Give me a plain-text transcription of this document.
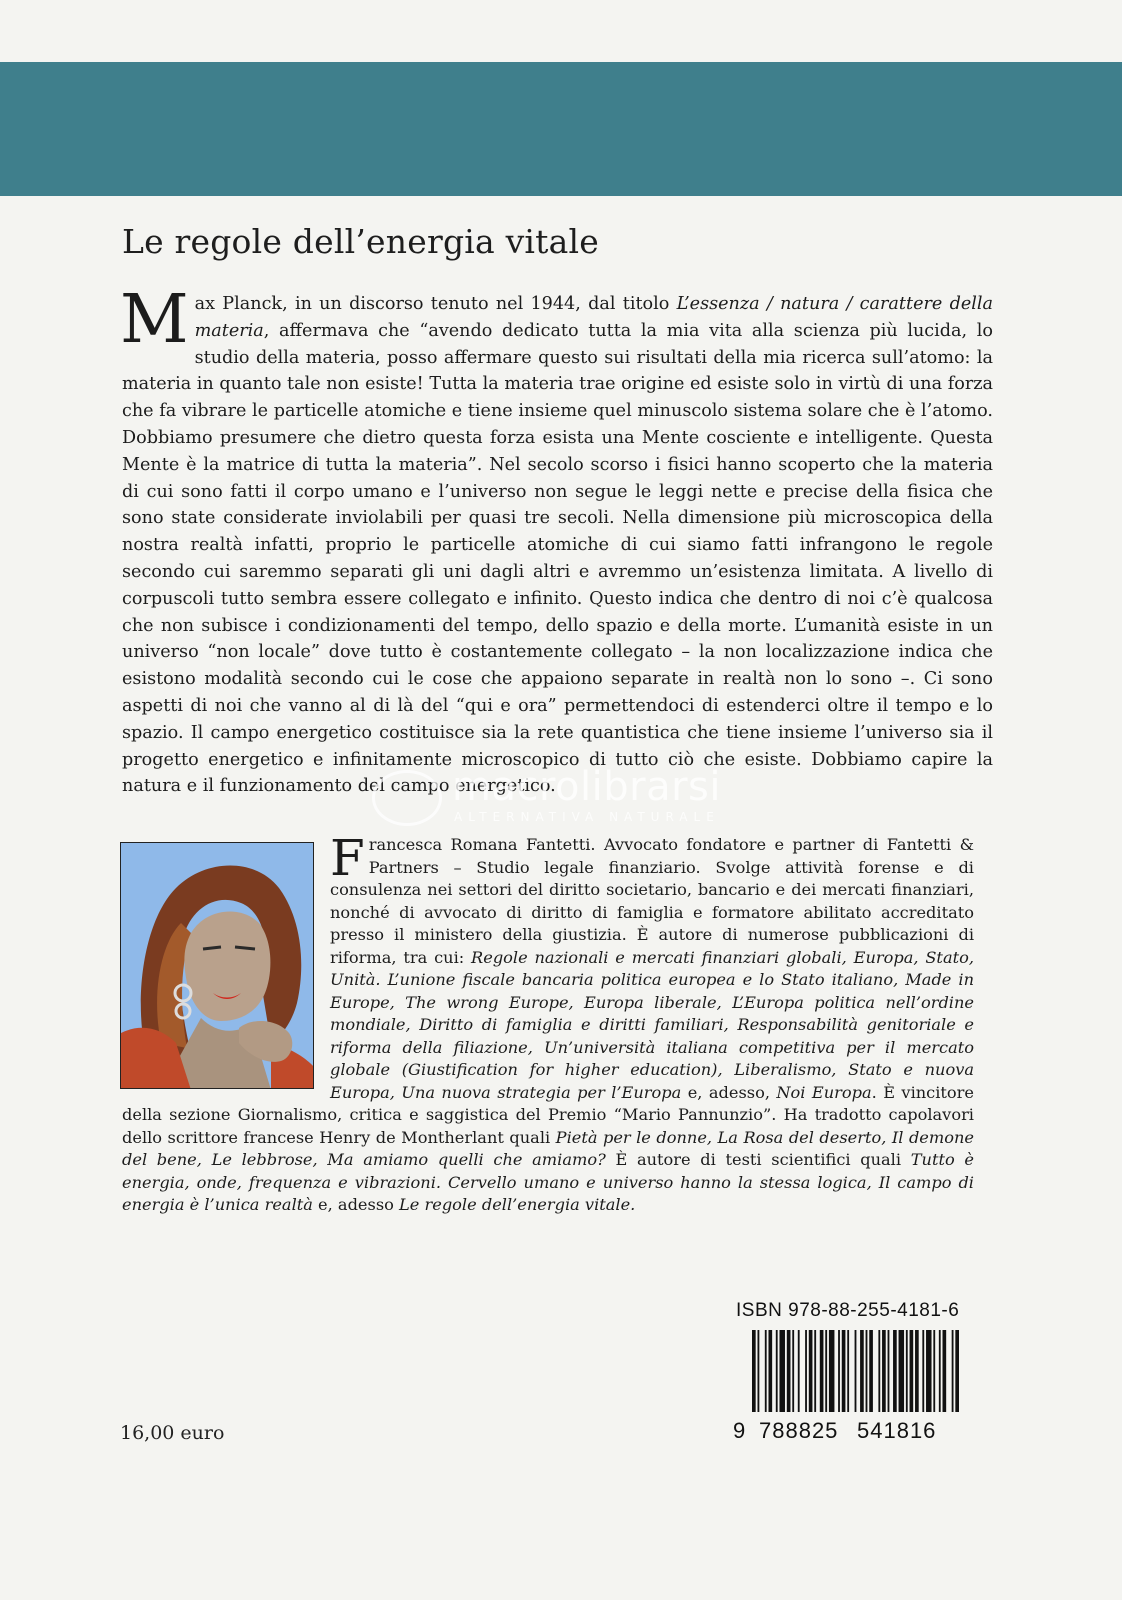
Le regole dell’energia vitale

Max Planck, in un discorso tenuto nel 1944, dal titolo L’essenza / natura / carattere della materia, affermava che “avendo dedicato tutta la mia vita alla scienza più lucida, lo studio della materia, posso affermare questo sui risultati della mia ricerca sull’atomo: la materia in quanto tale non esiste! Tutta la materia trae origine ed esiste solo in virtù di una forza che fa vibrare le particelle atomiche e tiene insieme quel minuscolo sistema solare che è l’atomo. Dobbiamo presumere che dietro questa forza esista una Mente cosciente e intelligente. Questa Mente è la matrice di tutta la materia”. Nel secolo scorso i fisici hanno scoperto che la materia di cui sono fatti il corpo umano e l’universo non segue le leggi nette e precise della fisica che sono state considerate inviolabili per quasi tre secoli. Nella dimensione più microscopica della nostra realtà infatti, proprio le particelle atomiche di cui siamo fatti infrangono le regole secondo cui saremmo separati gli uni dagli altri e avremmo un’esistenza limitata. A livello di corpuscoli tutto sembra essere collegato e infinito. Questo indica che dentro di noi c’è qualcosa che non subisce i condizionamenti del tempo, dello spazio e della morte. L’umanità esiste in un universo “non locale” dove tutto è costantemente collegato – la non localizzazione indica che esistono modalità secondo cui le cose che appaiono separate in realtà non lo sono –. Ci sono aspetti di noi che vanno al di là del “qui e ora” permettendoci di estenderci oltre il tempo e lo spazio. Il campo energetico costituisce sia la rete quantistica che tiene insieme l’universo sia il progetto energetico e infinitamente microscopico di tutto ciò che esiste. Dobbiamo capire la natura e il funzionamento del campo energetico.

macrolibrarsi
ALTERNATIVA NATURALE

Francesca Romana Fantetti. Avvocato fondatore e partner di Fantetti & Partners – Studio legale finanziario. Svolge attività forense e di consulenza nei settori del diritto societario, bancario e dei mercati finanziari, nonché di avvocato di diritto di famiglia e formatore abilitato accreditato presso il ministero della giustizia. È autore di numerose pubblicazioni di riforma, tra cui: Regole nazionali e mercati finanziari globali, Europa, Stato, Unità. L’unione fiscale bancaria politica europea e lo Stato italiano, Made in Europe, The wrong Europe, Europa liberale, L’Europa politica nell’ordine mondiale, Diritto di famiglia e diritti familiari, Responsabilità genitoriale e riforma della filiazione, Un’università italiana competitiva per il mercato globale (Giustification for higher education), Liberalismo, Stato e nuova Europa, Una nuova strategia per l’Europa e, adesso, Noi Europa. È vincitore della sezione Giornalismo, critica e saggistica del Premio “Mario Pannunzio”. Ha tradotto capolavori dello scrittore francese Henry de Montherlant quali Pietà per le donne, La Rosa del deserto, Il demone del bene, Le lebbrose, Ma amiamo quelli che amiamo? È autore di testi scientifici quali Tutto è energia, onde, frequenza e vibrazioni. Cervello umano e universo hanno la stessa logica, Il campo di energia è l’unica realtà e, adesso Le regole dell’energia vitale.

ISBN 978-88-255-4181-6
9 788825 541816
16,00 euro
